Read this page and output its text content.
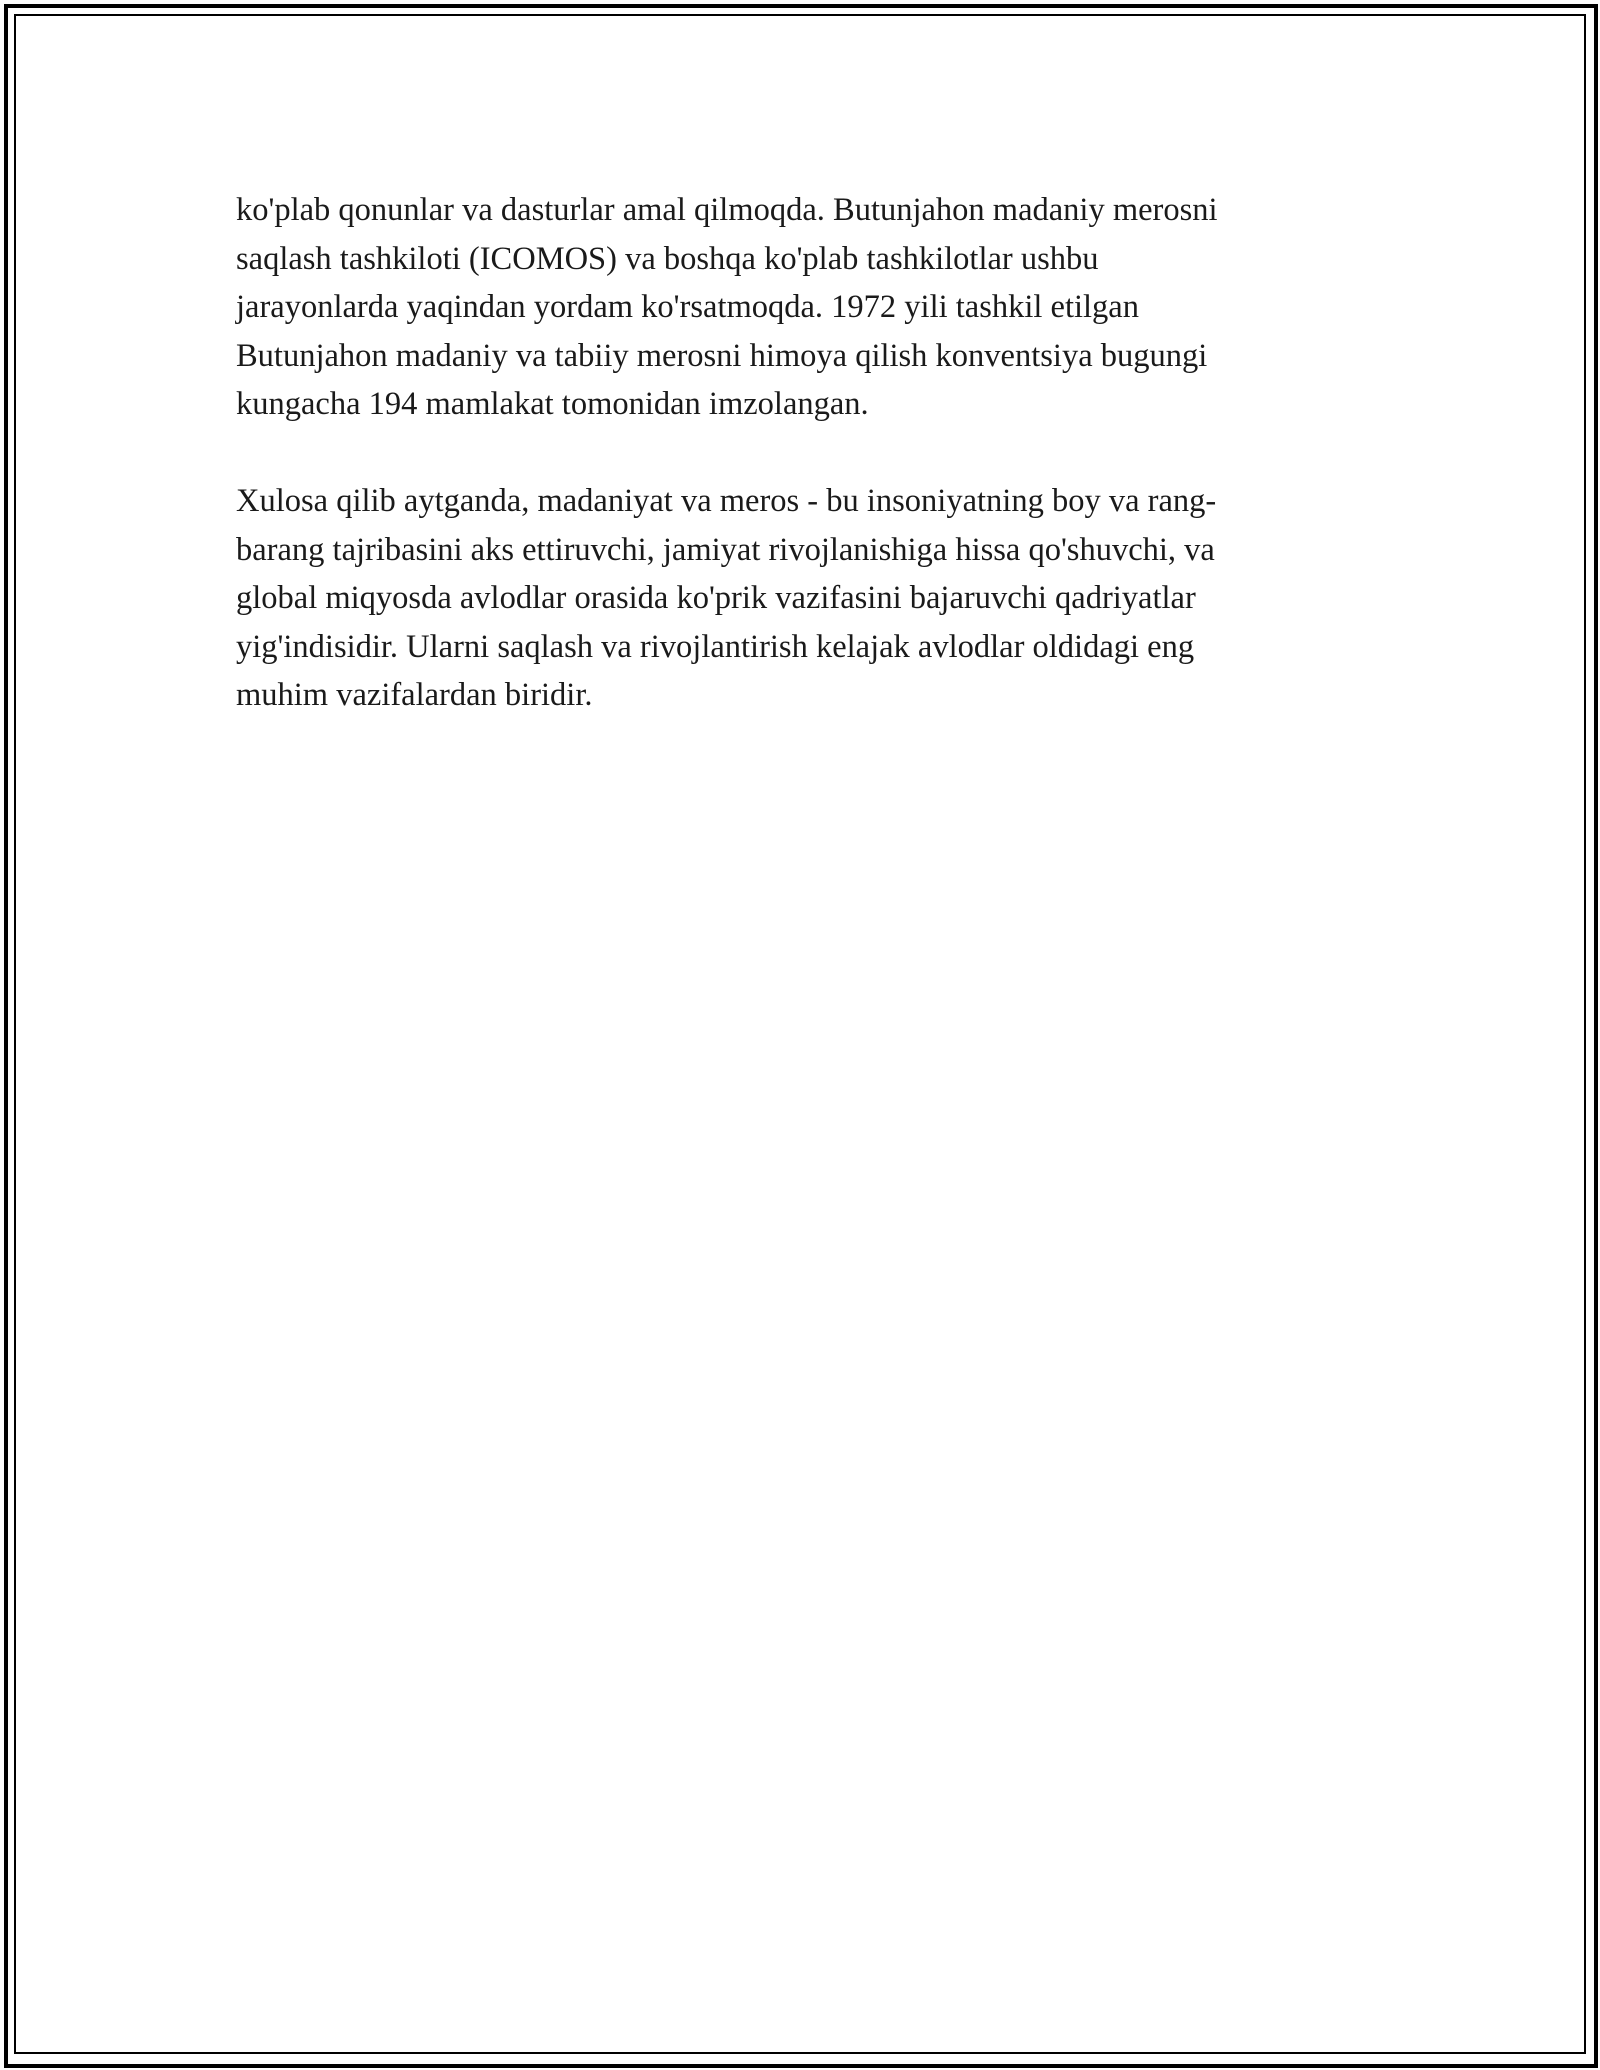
ko'plab qonunlar va dasturlar amal qilmoqda. Butunjahon madaniy merosni
saqlash tashkiloti (ICOMOS) va boshqa ko'plab tashkilotlar ushbu
jarayonlarda yaqindan yordam ko'rsatmoqda. 1972 yili tashkil etilgan
Butunjahon madaniy va tabiiy merosni himoya qilish konventsiya bugungi
kungacha 194 mamlakat tomonidan imzolangan.

Xulosa qilib aytganda, madaniyat va meros - bu insoniyatning boy va rang-
barang tajribasini aks ettiruvchi, jamiyat rivojlanishiga hissa qo'shuvchi, va
global miqyosda avlodlar orasida ko'prik vazifasini bajaruvchi qadriyatlar
yig'indisidir. Ularni saqlash va rivojlantirish kelajak avlodlar oldidagi eng
muhim vazifalardan biridir.
